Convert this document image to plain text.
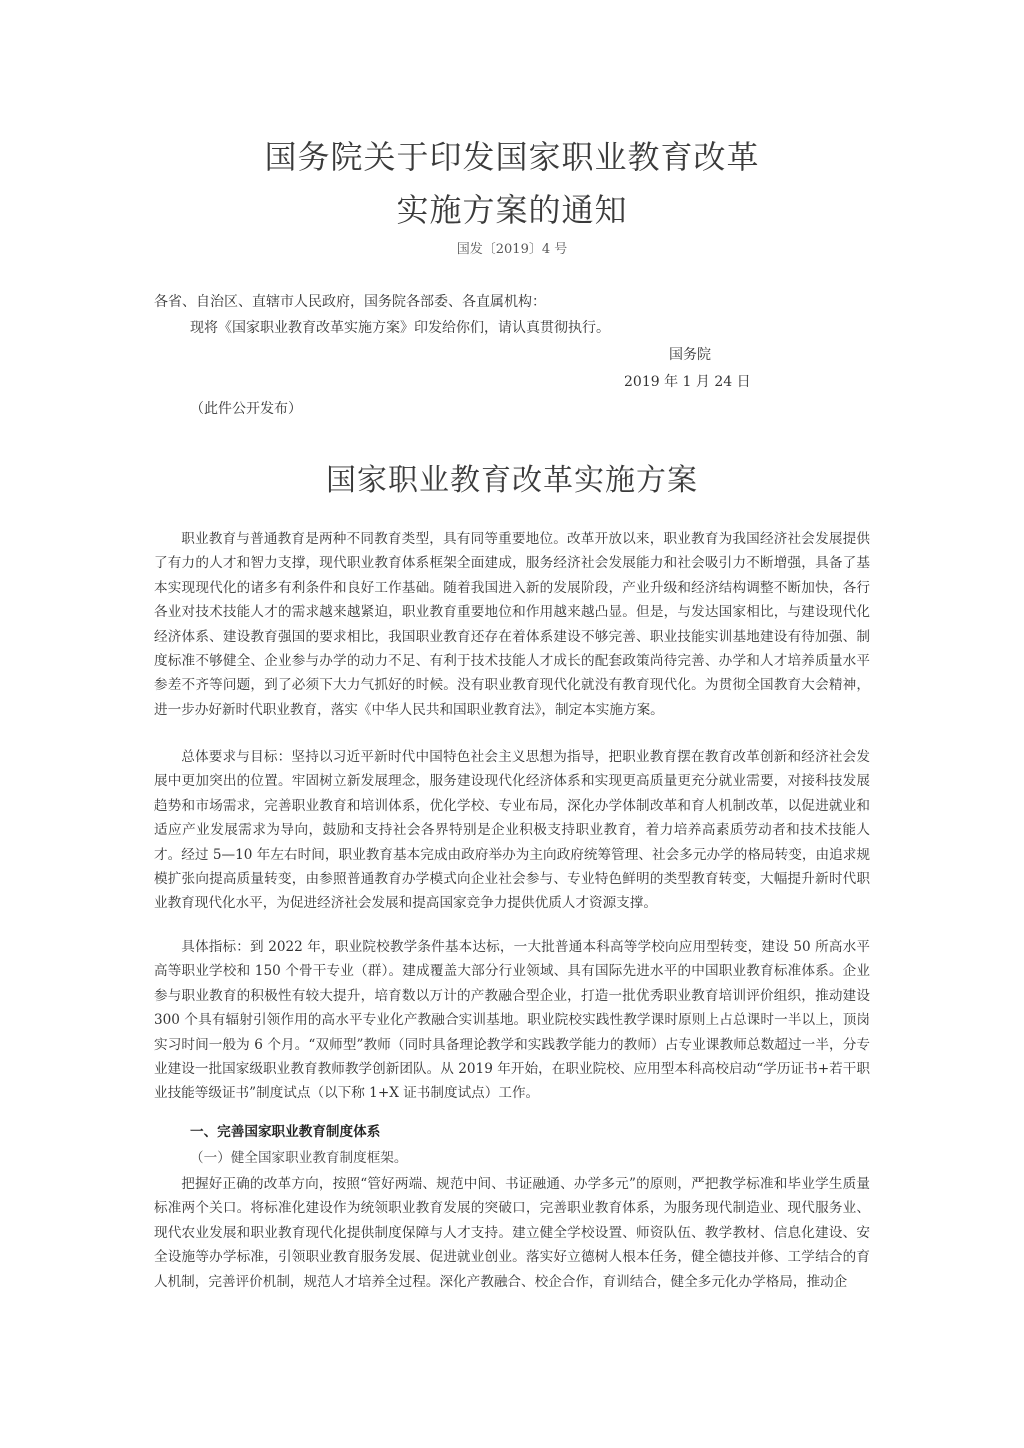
国务院关于印发国家职业教育改革
实施方案的通知
国发〔2019〕4 号
各省、自治区、直辖市人民政府，国务院各部委、各直属机构：
现将《国家职业教育改革实施方案》印发给你们，请认真贯彻执行。
国务院
2019 年 1 月 24 日
（此件公开发布）
国家职业教育改革实施方案

职业教育与普通教育是两种不同教育类型，具有同等重要地位。改革开放以来，职业教育为我国经济社会发展提供了有力的人才和智力支撑，现代职业教育体系框架全面建成，服务经济社会发展能力和社会吸引力不断增强，具备了基本实现现代化的诸多有利条件和良好工作基础。随着我国进入新的发展阶段，产业升级和经济结构调整不断加快，各行各业对技术技能人才的需求越来越紧迫，职业教育重要地位和作用越来越凸显。但是，与发达国家相比，与建设现代化经济体系、建设教育强国的要求相比，我国职业教育还存在着体系建设不够完善、职业技能实训基地建设有待加强、制度标准不够健全、企业参与办学的动力不足、有利于技术技能人才成长的配套政策尚待完善、办学和人才培养质量水平参差不齐等问题，到了必须下大力气抓好的时候。没有职业教育现代化就没有教育现代化。为贯彻全国教育大会精神，进一步办好新时代职业教育，落实《中华人民共和国职业教育法》，制定本实施方案。

总体要求与目标：坚持以习近平新时代中国特色社会主义思想为指导，把职业教育摆在教育改革创新和经济社会发展中更加突出的位置。牢固树立新发展理念，服务建设现代化经济体系和实现更高质量更充分就业需要，对接科技发展趋势和市场需求，完善职业教育和培训体系，优化学校、专业布局，深化办学体制改革和育人机制改革，以促进就业和适应产业发展需求为导向，鼓励和支持社会各界特别是企业积极支持职业教育，着力培养高素质劳动者和技术技能人才。经过 5—10 年左右时间，职业教育基本完成由政府举办为主向政府统筹管理、社会多元办学的格局转变，由追求规模扩张向提高质量转变，由参照普通教育办学模式向企业社会参与、专业特色鲜明的类型教育转变，大幅提升新时代职业教育现代化水平，为促进经济社会发展和提高国家竞争力提供优质人才资源支撑。

具体指标：到 2022 年，职业院校教学条件基本达标，一大批普通本科高等学校向应用型转变，建设 50 所高水平高等职业学校和 150 个骨干专业（群）。建成覆盖大部分行业领域、具有国际先进水平的中国职业教育标准体系。企业参与职业教育的积极性有较大提升，培育数以万计的产教融合型企业，打造一批优秀职业教育培训评价组织，推动建设 300 个具有辐射引领作用的高水平专业化产教融合实训基地。职业院校实践性教学课时原则上占总课时一半以上，顶岗实习时间一般为 6 个月。“双师型”教师（同时具备理论教学和实践教学能力的教师）占专业课教师总数超过一半，分专业建设一批国家级职业教育教师教学创新团队。从 2019 年开始，在职业院校、应用型本科高校启动“学历证书+若干职业技能等级证书”制度试点（以下称 1+X 证书制度试点）工作。

一、完善国家职业教育制度体系
（一）健全国家职业教育制度框架。

把握好正确的改革方向，按照“管好两端、规范中间、书证融通、办学多元”的原则，严把教学标准和毕业学生质量标准两个关口。将标准化建设作为统领职业教育发展的突破口，完善职业教育体系，为服务现代制造业、现代服务业、现代农业发展和职业教育现代化提供制度保障与人才支持。建立健全学校设置、师资队伍、教学教材、信息化建设、安全设施等办学标准，引领职业教育服务发展、促进就业创业。落实好立德树人根本任务，健全德技并修、工学结合的育人机制，完善评价机制，规范人才培养全过程。深化产教融合、校企合作，育训结合，健全多元化办学格局，推动企
